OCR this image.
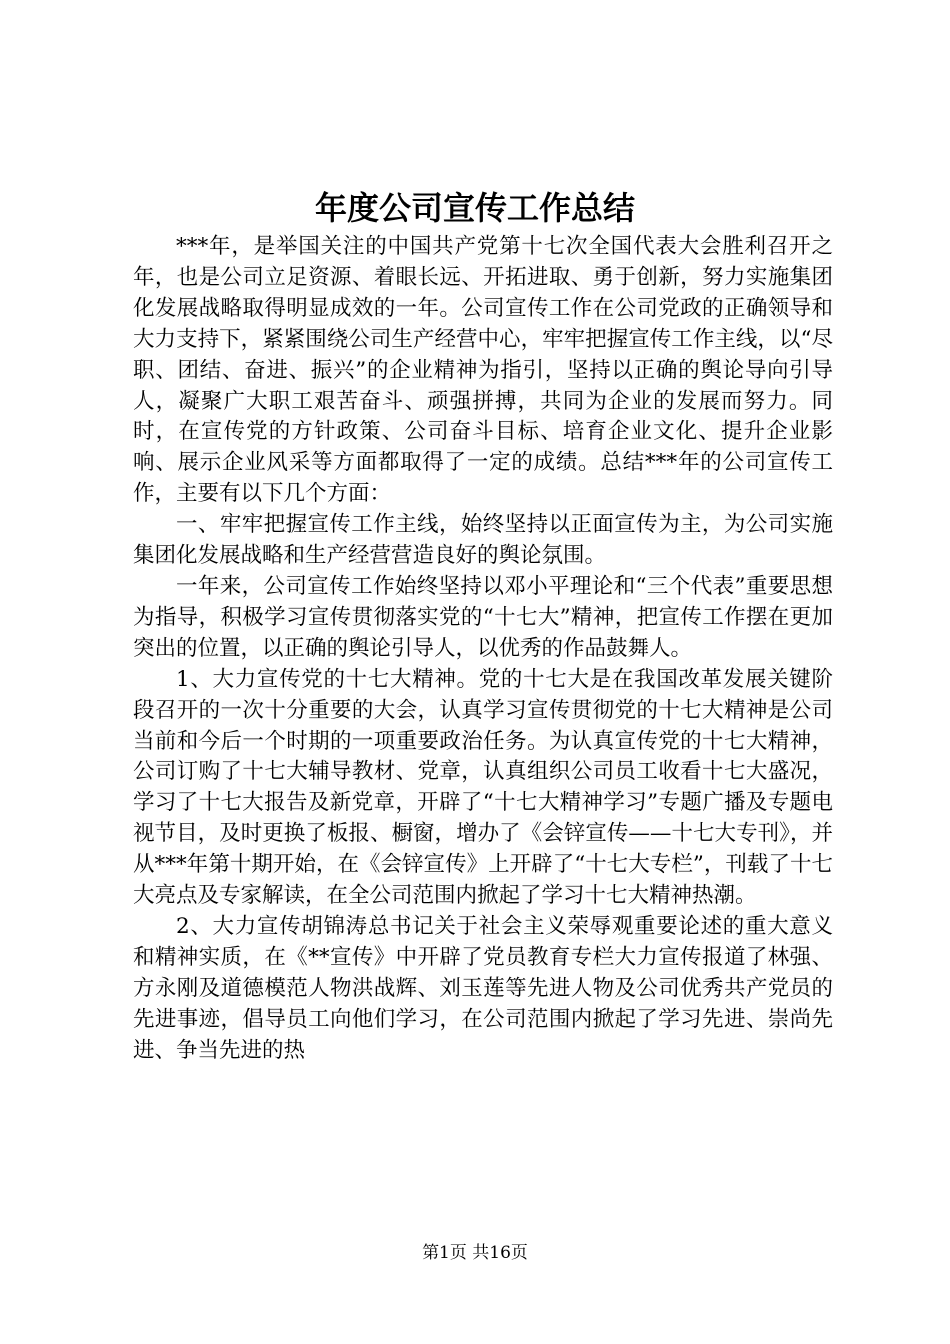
年度公司宣传工作总结

***年，是举国关注的中国共产党第十七次全国代表大会胜利召开之年，也是公司立足资源、着眼长远、开拓进取、勇于创新，努力实施集团化发展战略取得明显成效的一年。公司宣传工作在公司党政的正确领导和大力支持下，紧紧围绕公司生产经营中心，牢牢把握宣传工作主线，以“尽职、团结、奋进、振兴”的企业精神为指引，坚持以正确的舆论导向引导人，凝聚广大职工艰苦奋斗、顽强拼搏，共同为企业的发展而努力。同时，在宣传党的方针政策、公司奋斗目标、培育企业文化、提升企业影响、展示企业风采等方面都取得了一定的成绩。总结***年的公司宣传工作，主要有以下几个方面：

一、牢牢把握宣传工作主线，始终坚持以正面宣传为主，为公司实施集团化发展战略和生产经营营造良好的舆论氛围。

一年来，公司宣传工作始终坚持以邓小平理论和“三个代表”重要思想为指导，积极学习宣传贯彻落实党的“十七大”精神，把宣传工作摆在更加突出的位置，以正确的舆论引导人，以优秀的作品鼓舞人。

1、大力宣传党的十七大精神。党的十七大是在我国改革发展关键阶段召开的一次十分重要的大会，认真学习宣传贯彻党的十七大精神是公司当前和今后一个时期的一项重要政治任务。为认真宣传党的十七大精神，公司订购了十七大辅导教材、党章，认真组织公司员工收看十七大盛况，学习了十七大报告及新党章，开辟了“十七大精神学习”专题广播及专题电视节目，及时更换了板报、橱窗，增办了《会锌宣传——十七大专刊》，并从***年第十期开始，在《会锌宣传》上开辟了“十七大专栏”，刊载了十七大亮点及专家解读，在全公司范围内掀起了学习十七大精神热潮。

2、大力宣传胡锦涛总书记关于社会主义荣辱观重要论述的重大意义和精神实质，在《**宣传》中开辟了党员教育专栏大力宣传报道了林强、方永刚及道德模范人物洪战辉、刘玉莲等先进人物及公司优秀共产党员的先进事迹，倡导员工向他们学习，在公司范围内掀起了学习先进、崇尚先进、争当先进的热

第1页 共16页
